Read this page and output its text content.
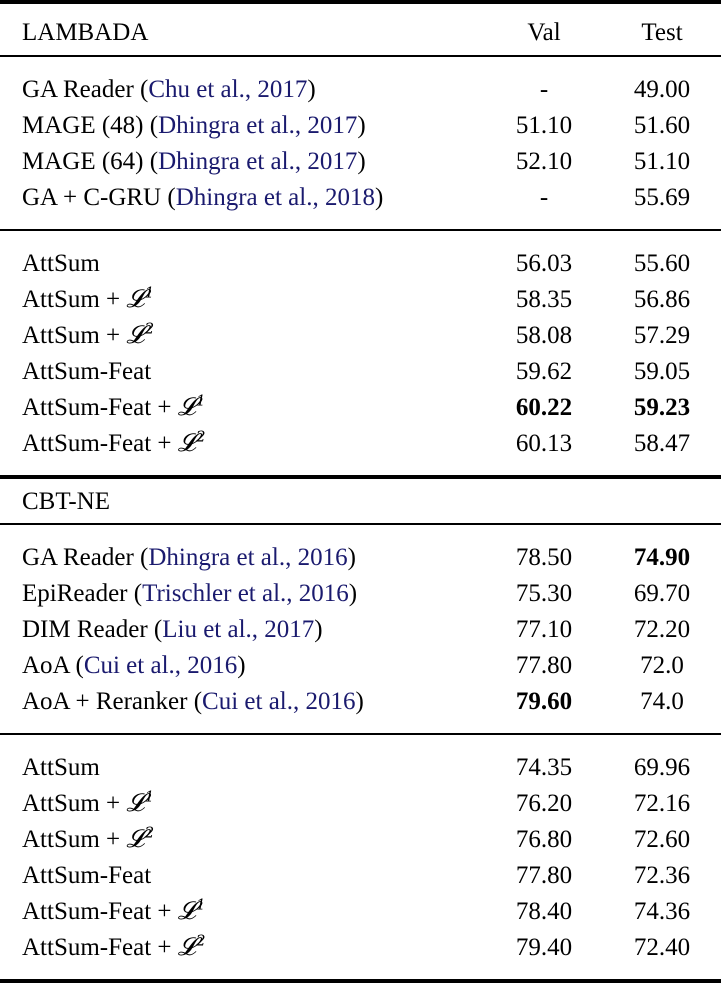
LAMBADA	Val	Test

GA Reader (Chu et al., 2017)	-	49.00
MAGE (48) (Dhingra et al., 2017)	51.10	51.60
MAGE (64) (Dhingra et al., 2017)	52.10	51.10
GA + C-GRU (Dhingra et al., 2018)	-	55.69

AttSum	56.03	55.60
AttSum + 𝓛$^1$	58.35	56.86
AttSum + 𝓛$^2$	58.08	57.29
AttSum-Feat	59.62	59.05
AttSum-Feat + 𝓛$^1$	60.22	59.23
AttSum-Feat + 𝓛$^2$	60.13	58.47

CBT-NE		

GA Reader (Dhingra et al., 2016)	78.50	74.90
EpiReader (Trischler et al., 2016)	75.30	69.70
DIM Reader (Liu et al., 2017)	77.10	72.20
AoA (Cui et al., 2016)	77.80	72.0
AoA + Reranker (Cui et al., 2016)	79.60	74.0

AttSum	74.35	69.96
AttSum + 𝓛$^1$	76.20	72.16
AttSum + 𝓛$^2$	76.80	72.60
AttSum-Feat	77.80	72.36
AttSum-Feat + 𝓛$^1$	78.40	74.36
AttSum-Feat + 𝓛$^2$	79.40	72.40
